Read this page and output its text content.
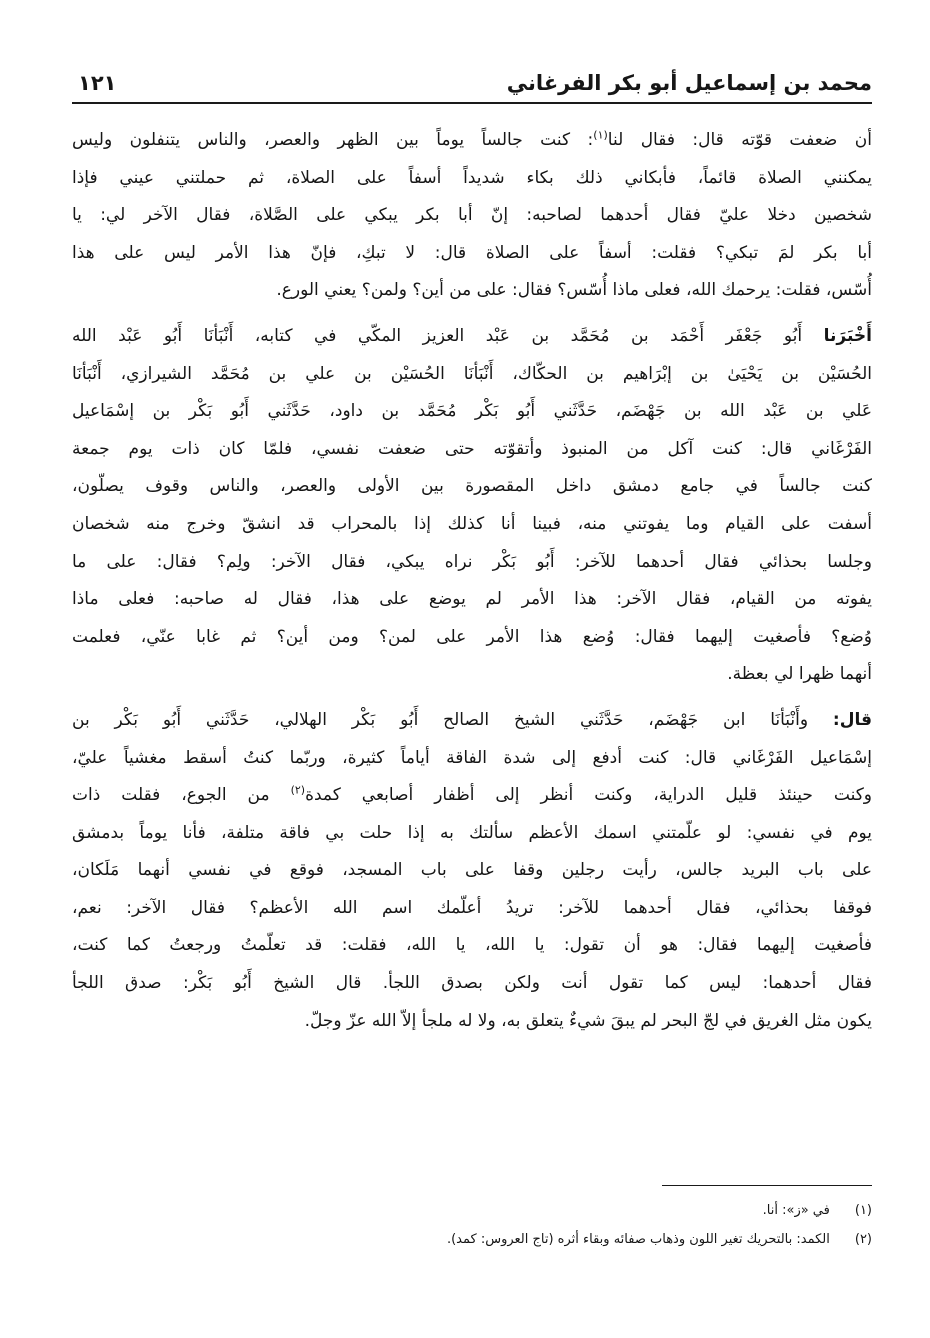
محمد بن إسماعيل أبو بكر الفرغاني
١٢١

أن ضعفت قوّته قال: فقال لنا$^{(١)}$: كنت جالساً يوماً بين الظهر والعصر، والناس يتنفلون وليس
يمكنني الصلاة قائماً، فأبكاني ذلك بكاء شديداً أسفاً على الصلاة، ثم حملتني عيني فإذا
شخصين دخلا عليّ فقال أحدهما لصاحبه: إنّ أبا بكر يبكي على الصَّلاة، فقال الآخر لي: يا
أبا بكر لمَ تبكي؟ فقلت: أسفاً على الصلاة قال: لا تبكِ، فإنّ هذا الأمر ليس على هذا
أُسّس، فقلت: يرحمك الله، فعلى ماذا أُسّس؟ فقال: على من أين؟ ولمن؟ يعني الورع.

أَخْبَرَنا أَبُو جَعْفَر أَحْمَد بن مُحَمَّد بن عَبْد العزيز المكّي في كتابه، أَنْبَأنَا أَبُو عَبْد الله
الحُسَيْن بن يَحْيَىٰ بن إبْرَاهيم بن الحكّاك، أَنْبَأنَا الحُسَيْن بن علي بن مُحَمَّد الشيرازي، أَنْبَأنَا
عَلي بن عَبْد الله بن جَهْضَم، حَدَّثَني أَبُو بَكْر مُحَمَّد بن داود، حَدَّثَني أَبُو بَكْر بن إسْمَاعيل
الفَرْغَاني قال: كنت آكل من المنبوذ وأتقوّته حتى ضعفت نفسي، فلمّا كان ذات يوم جمعة
كنت جالساً في جامع دمشق داخل المقصورة بين الأولى والعصر، والناس وقوف يصلّون،
أسفت على القيام وما يفوتني منه، فبينا أنا كذلك إذا بالمحراب قد انشقّ وخرج منه شخصان
وجلسا بحذائي فقال أحدهما للآخر: أَبُو بَكْر نراه يبكي، فقال الآخر: ولِم؟ فقال: على ما
يفوته من القيام، فقال الآخر: هذا الأمر لم يوضع على هذا، فقال له صاحبه: فعلى ماذا
وُضع؟ فأصغيت إليهما فقال: وُضع هذا الأمر على لمن؟ ومن أين؟ ثم غابا عنّي، فعلمت
أنهما ظهرا لي بعظة.

قال: وأَنْبَأنَا ابن جَهْضَم، حَدَّثَني الشيخ الصالح أَبُو بَكْر الهلالي، حَدَّثَني أَبُو بَكْر بن
إسْمَاعيل الفَرْغَاني قال: كنت أدفع إلى شدة الفاقة أياماً كثيرة، وربّما كنتُ أسقط مغشياً عليّ،
وكنت حينئذ قليل الدراية، وكنت أنظر إلى أظفار أصابعي كمدة$^{(٢)}$ من الجوع، فقلت ذات
يوم في نفسي: لو علّمتني اسمك الأعظم سألتك به إذا حلت بي فاقة متلفة، فأنا يوماً بدمشق
على باب البريد جالس، رأيت رجلين وقفا على باب المسجد، فوقع في نفسي أنهما مَلَكان،
فوقفا بحذائي، فقال أحدهما للآخر: تريدُ أعلّمك اسم الله الأعظم؟ فقال الآخر: نعم،
فأصغيت إليهما فقال: هو أن تقول: يا الله، يا الله، فقلت: قد تعلّمتُ ورجعتُ كما كنت،
فقال أحدهما: ليس كما تقول أنت ولكن بصدق اللجأ. قال الشيخ أَبُو بَكْر: صدق اللجأ
يكون مثل الغريق في لجّ البحر لم يبقَ شيءٌ يتعلق به، ولا له ملجأ إلاّ الله عزّ وجلّ.

(١) في «ز»: أنا.
(٢) الكمد: بالتحريك تغير اللون وذهاب صفائه وبقاء أثره (تاج العروس: كمد).
